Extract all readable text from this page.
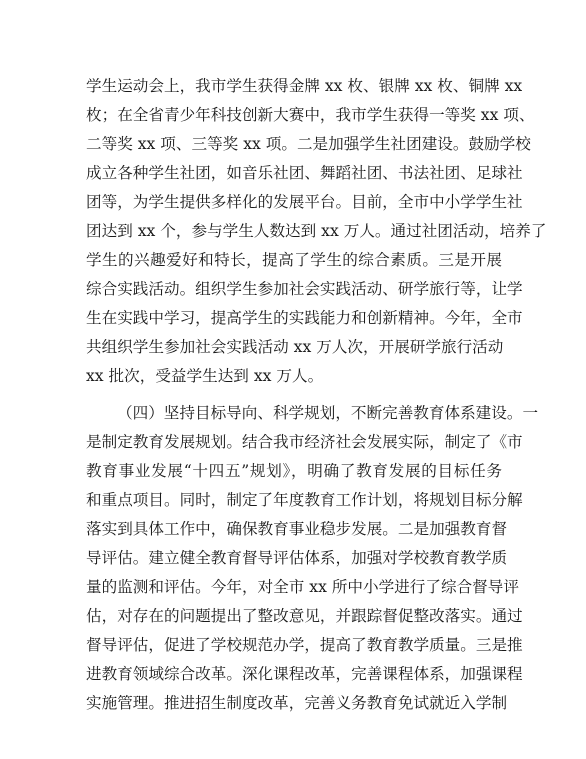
学生运动会上，我市学生获得金牌 xx 枚、银牌 xx 枚、铜牌 xx
枚；在全省青少年科技创新大赛中，我市学生获得一等奖 xx 项、
二等奖 xx 项、三等奖 xx 项。二是加强学生社团建设。鼓励学校
成立各种学生社团，如音乐社团、舞蹈社团、书法社团、足球社
团等，为学生提供多样化的发展平台。目前，全市中小学学生社
团达到 xx 个，参与学生人数达到 xx 万人。通过社团活动，培养了
学生的兴趣爱好和特长，提高了学生的综合素质。三是开展
综合实践活动。组织学生参加社会实践活动、研学旅行等，让学
生在实践中学习，提高学生的实践能力和创新精神。今年，全市
共组织学生参加社会实践活动 xx 万人次，开展研学旅行活动
xx 批次，受益学生达到 xx 万人。
（四）坚持目标导向、科学规划，不断完善教育体系建设。一
是制定教育发展规划。结合我市经济社会发展实际，制定了《市
教育事业发展“十四五”规划》，明确了教育发展的目标任务
和重点项目。同时，制定了年度教育工作计划，将规划目标分解
落实到具体工作中，确保教育事业稳步发展。二是加强教育督
导评估。建立健全教育督导评估体系，加强对学校教育教学质
量的监测和评估。今年，对全市 xx 所中小学进行了综合督导评
估，对存在的问题提出了整改意见，并跟踪督促整改落实。通过
督导评估，促进了学校规范办学，提高了教育教学质量。三是推
进教育领域综合改革。深化课程改革，完善课程体系，加强课程
实施管理。推进招生制度改革，完善义务教育免试就近入学制
